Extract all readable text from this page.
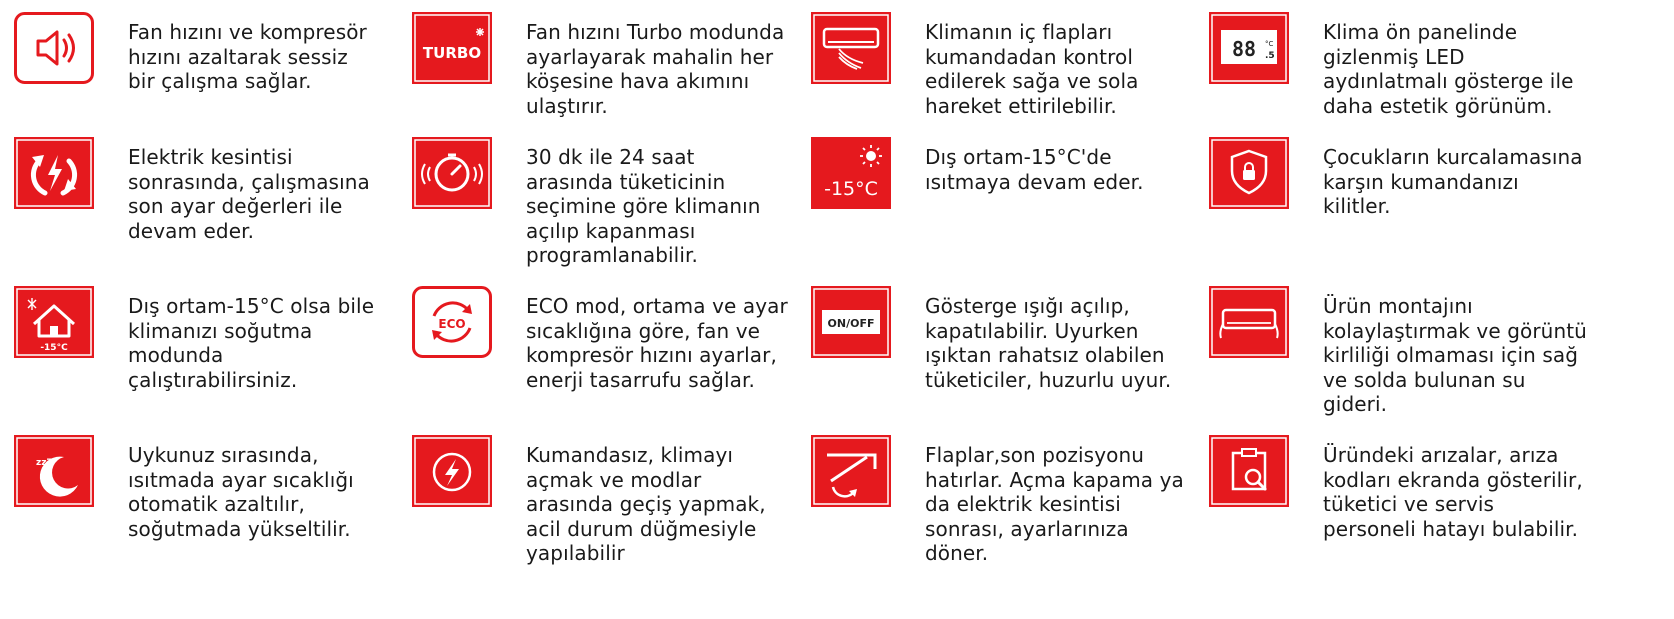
Fan hızını ve kompresör hızını azaltarak sessiz bir çalışma sağlar.
TURBO
Fan hızını Turbo modunda ayarlayarak mahalin her köşesine hava akımını ulaştırır.
Klimanın iç flapları kumandadan kontrol edilerek sağa ve sola hareket ettirilebilir.
88 °C
.5
Klima ön panelinde gizlenmiş LED aydınlatmalı gösterge ile daha estetik görünüm.
Elektrik kesintisi sonrasında, çalışmasına son ayar değerleri ile devam eder.
30 dk ile 24 saat arasında tüketicinin seçimine göre klimanın açılıp kapanması programlanabilir.
-15°C
Dış ortam-15°C'de ısıtmaya devam eder.
Çocukların kurcalamasına karşın kumandanızı kilitler.
-15°C
Dış ortam-15°C olsa bile klimanızı soğutma modunda çalıştırabilirsiniz.
ECO
ECO mod, ortama ve ayar sıcaklığına göre, fan ve kompresör hızını ayarlar, enerji tasarrufu sağlar.
ON/OFF
Gösterge ışığı açılıp, kapatılabilir. Uyurken ışıktan rahatsız olabilen tüketiciler, huzurlu uyur.
Ürün montajını kolaylaştırmak ve görüntü kirliliği olmaması için sağ ve solda bulunan su gideri.
zzZ	Uykunuz sırasında, ısıtmada ayar sıcaklığı otomatik azaltılır, soğutmada yükseltilir.
Kumandasız, klimayı açmak ve modlar arasında geçiş yapmak, acil durum düğmesiyle yapılabilir
Flaplar,son pozisyonu hatırlar. Açma kapama ya da elektrik kesintisi sonrası, ayarlarınıza döner.
Üründeki arızalar, arıza kodları ekranda gösterilir, tüketici ve servis personeli hatayı bulabilir.
